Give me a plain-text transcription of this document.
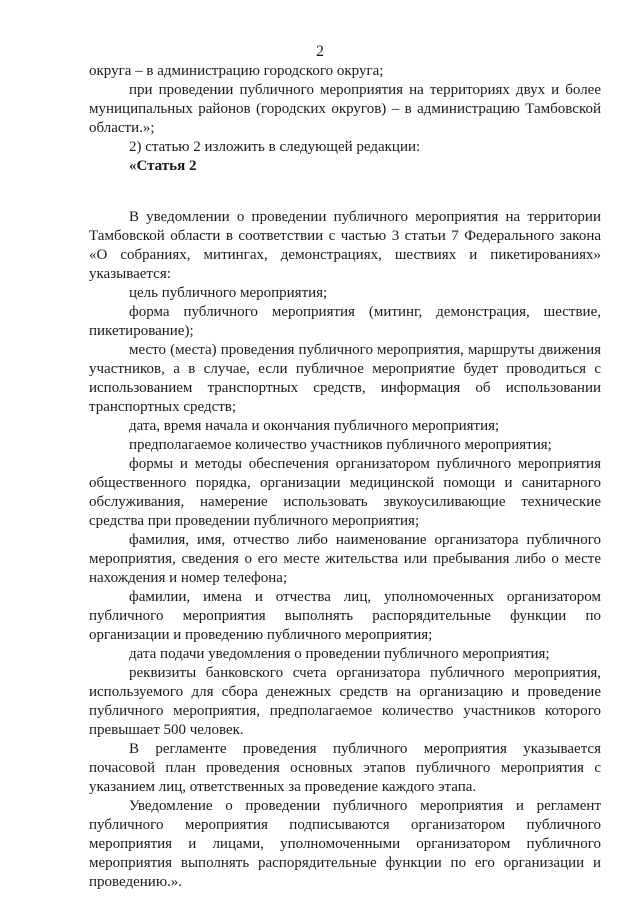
2

округа – в администрацию городского округа;

при проведении публичного мероприятия на территориях двух и более муниципальных районов (городских округов) – в администрацию Тамбовской области.»;

2) статью 2 изложить в следующей редакции:

«Статья 2

В уведомлении о проведении публичного мероприятия на территории Тамбовской области в соответствии с частью 3 статьи 7 Федерального закона «О собраниях, митингах, демонстрациях, шествиях и пикетированиях» указывается:

цель публичного мероприятия;

форма публичного мероприятия (митинг, демонстрация, шествие, пикетирование);

место (места) проведения публичного мероприятия, маршруты движения участников, а в случае, если публичное мероприятие будет проводиться с использованием транспортных средств, информация об использовании транспортных средств;

дата, время начала и окончания публичного мероприятия;

предполагаемое количество участников публичного мероприятия;

формы и методы обеспечения организатором публичного мероприятия общественного порядка, организации медицинской помощи и санитарного обслуживания, намерение использовать звукоусиливающие технические средства при проведении публичного мероприятия;

фамилия, имя, отчество либо наименование организатора публичного мероприятия, сведения о его месте жительства или пребывания либо о месте нахождения и номер телефона;

фамилии, имена и отчества лиц, уполномоченных организатором публичного мероприятия выполнять распорядительные функции по организации и проведению публичного мероприятия;

дата подачи уведомления о проведении публичного мероприятия;

реквизиты банковского счета организатора публичного мероприятия, используемого для сбора денежных средств на организацию и проведение публичного мероприятия, предполагаемое количество участников которого превышает 500 человек.

В регламенте проведения публичного мероприятия указывается почасовой план проведения основных этапов публичного мероприятия с указанием лиц, ответственных за проведение каждого этапа.

Уведомление о проведении публичного мероприятия и регламент публичного мероприятия подписываются организатором публичного мероприятия и лицами, уполномоченными организатором публичного мероприятия выполнять распорядительные функции по его организации и проведению.».
